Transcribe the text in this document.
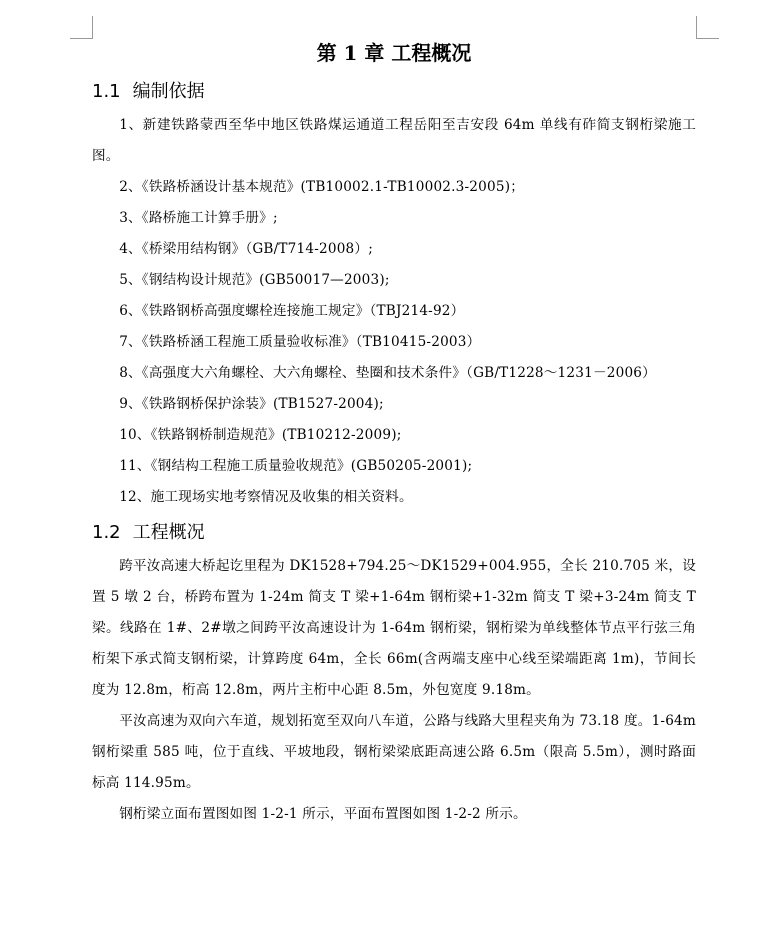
第 1 章 工程概况
1.1 编制依据

1、新建铁路蒙西至华中地区铁路煤运通道工程岳阳至吉安段 64m 单线有砟简支钢桁梁施工图。

2、《铁路桥涵设计基本规范》(TB10002.1-TB10002.3-2005)；

3、《路桥施工计算手册》;

4、《桥梁用结构钢》（GB/T714-2008）;

5、《钢结构设计规范》(GB50017—2003);

6、《铁路钢桥高强度螺栓连接施工规定》（TBJ214-92）

7、《铁路桥涵工程施工质量验收标准》（TB10415-2003）

8、《高强度大六角螺栓、大六角螺栓、垫圈和技术条件》（GB/T1228～1231－2006）

9、《铁路钢桥保护涂装》(TB1527-2004);

10、《铁路钢桥制造规范》(TB10212-2009);

11、《钢结构工程施工质量验收规范》(GB50205-2001);

12、施工现场实地考察情况及收集的相关资料。

1.2 工程概况

跨平汝高速大桥起讫里程为 DK1528+794.25～DK1529+004.955，全长 210.705 米，设置 5 墩 2 台，桥跨布置为 1-24m 简支 T 梁+1-64m 钢桁梁+1-32m 简支 T 梁+3-24m 简支 T 梁。线路在 1#、2#墩之间跨平汝高速设计为 1-64m 钢桁梁，钢桁梁为单线整体节点平行弦三角桁架下承式简支钢桁梁，计算跨度 64m，全长 66m(含两端支座中心线至梁端距离 1m)，节间长度为 12.8m，桁高 12.8m，两片主桁中心距 8.5m，外包宽度 9.18m。

平汝高速为双向六车道，规划拓宽至双向八车道，公路与线路大里程夹角为 73.18 度。1-64m 钢桁梁重 585 吨，位于直线、平坡地段，钢桁梁梁底距高速公路 6.5m（限高 5.5m），测时路面标高 114.95m。

钢桁梁立面布置图如图 1-2-1 所示，平面布置图如图 1-2-2 所示。
